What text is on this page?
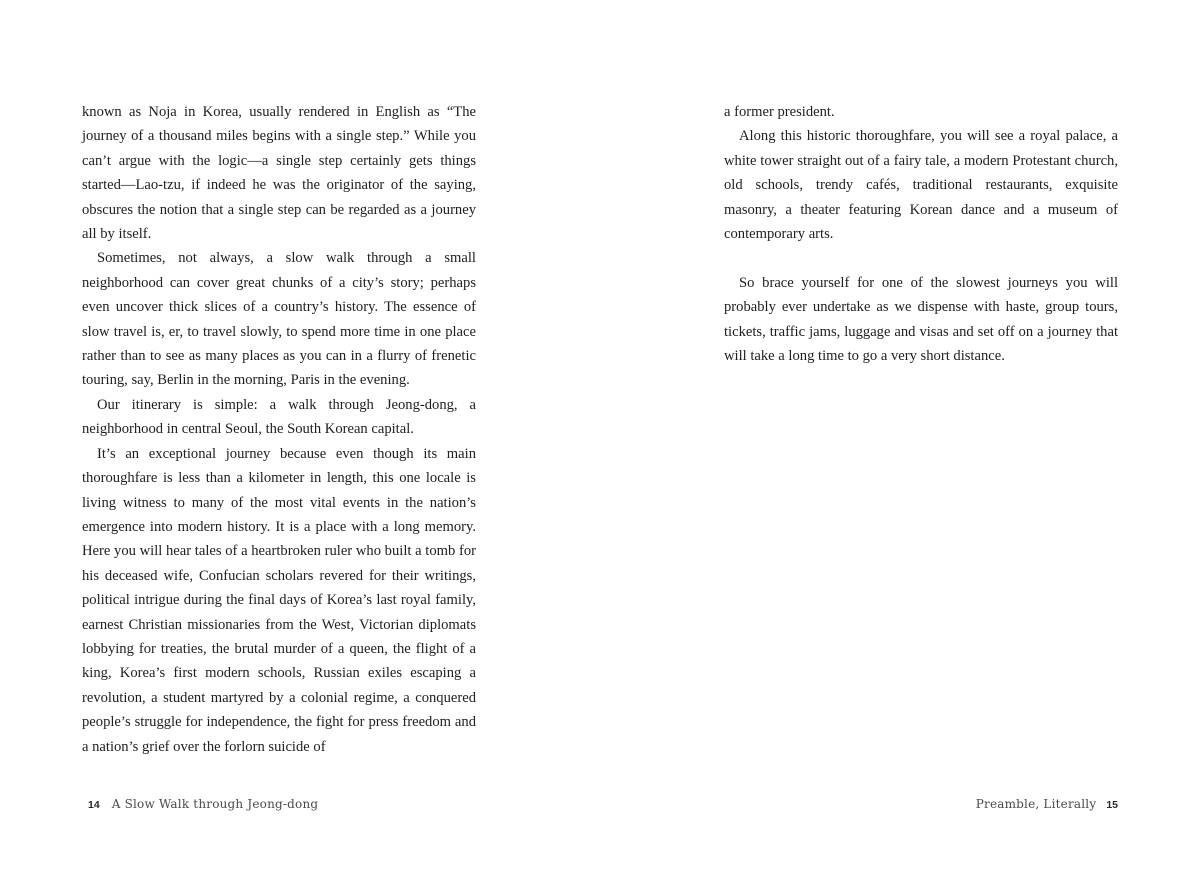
known as Noja in Korea, usually rendered in English as “The journey of a thousand miles begins with a single step.” While you can’t argue with the logic—a single step certainly gets things started—Lao-tzu, if indeed he was the originator of the saying, obscures the notion that a single step can be regarded as a journey all by itself.

Sometimes, not always, a slow walk through a small neighborhood can cover great chunks of a city’s story; perhaps even uncover thick slices of a country’s history. The essence of slow travel is, er, to travel slowly, to spend more time in one place rather than to see as many places as you can in a flurry of frenetic touring, say, Berlin in the morning, Paris in the evening.

Our itinerary is simple: a walk through Jeong-dong, a neighborhood in central Seoul, the South Korean capital.

It’s an exceptional journey because even though its main thoroughfare is less than a kilometer in length, this one locale is living witness to many of the most vital events in the nation’s emergence into modern history. It is a place with a long memory. Here you will hear tales of a heartbroken ruler who built a tomb for his deceased wife, Confucian scholars revered for their writings, political intrigue during the final days of Korea’s last royal family, earnest Christian missionaries from the West, Victorian diplomats lobbying for treaties, the brutal murder of a queen, the flight of a king, Korea’s first modern schools, Russian exiles escaping a revolution, a student martyred by a colonial regime, a conquered people’s struggle for independence, the fight for press freedom and a nation’s grief over the forlorn suicide of

14 A Slow Walk through Jeong-dong

a former president.

Along this historic thoroughfare, you will see a royal palace, a white tower straight out of a fairy tale, a modern Protestant church, old schools, trendy cafés, traditional restaurants, exquisite masonry, a theater featuring Korean dance and a museum of contemporary arts.

So brace yourself for one of the slowest journeys you will probably ever undertake as we dispense with haste, group tours, tickets, traffic jams, luggage and visas and set off on a journey that will take a long time to go a very short distance.

Preamble, Literally 15
